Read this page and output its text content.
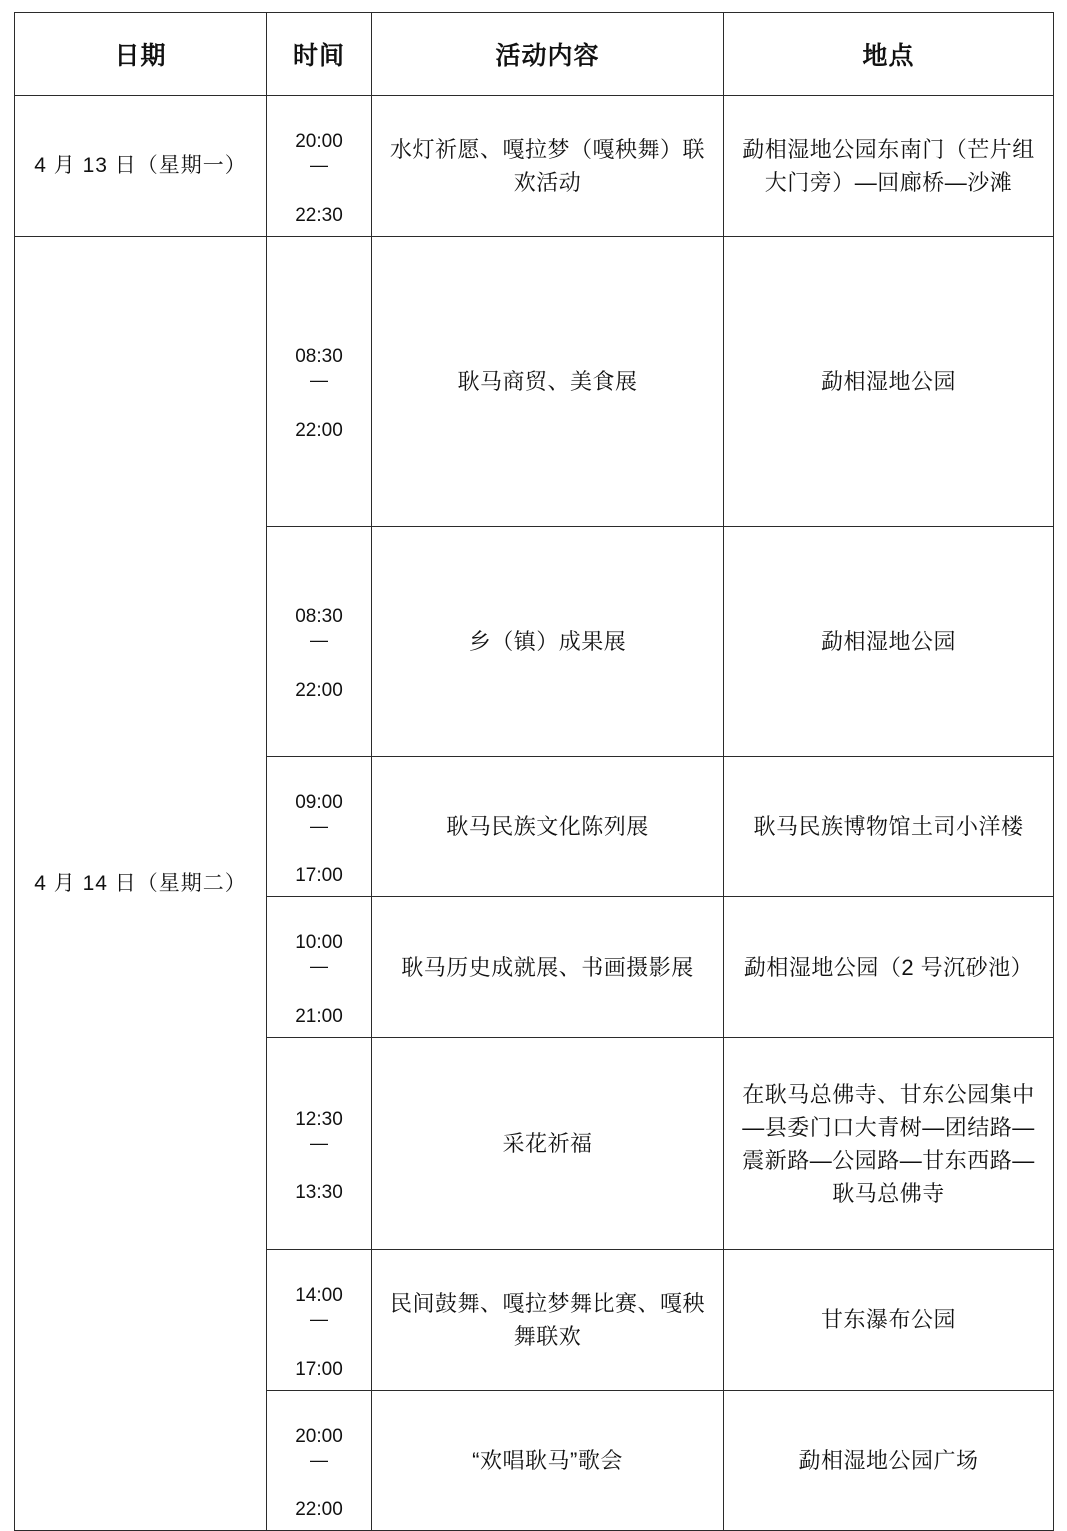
日期	时间	活动内容	地点
4 月 13 日（星期一）	20:00

—

22:30	水灯祈愿、嘎拉梦（嘎秧舞）联欢活动	勐相湿地公园东南门（芒片组大门旁）—回廊桥—沙滩
4 月 14 日（星期二）	08:30

—

22:00	耿马商贸、美食展	勐相湿地公园

08:30

—

22:00	乡（镇）成果展	勐相湿地公园

09:00

—

17:00	耿马民族文化陈列展	耿马民族博物馆土司小洋楼

10:00

—

21:00	耿马历史成就展、书画摄影展	勐相湿地公园（2 号沉砂池）

12:30

—

13:30	采花祈福	在耿马总佛寺、甘东公园集中—县委门口大青树—团结路—震新路—公园路—甘东西路—耿马总佛寺

14:00

—

17:00	民间鼓舞、嘎拉梦舞比赛、嘎秧舞联欢	甘东瀑布公园

20:00

—

22:00	“欢唱耿马”歌会	勐相湿地公园广场
